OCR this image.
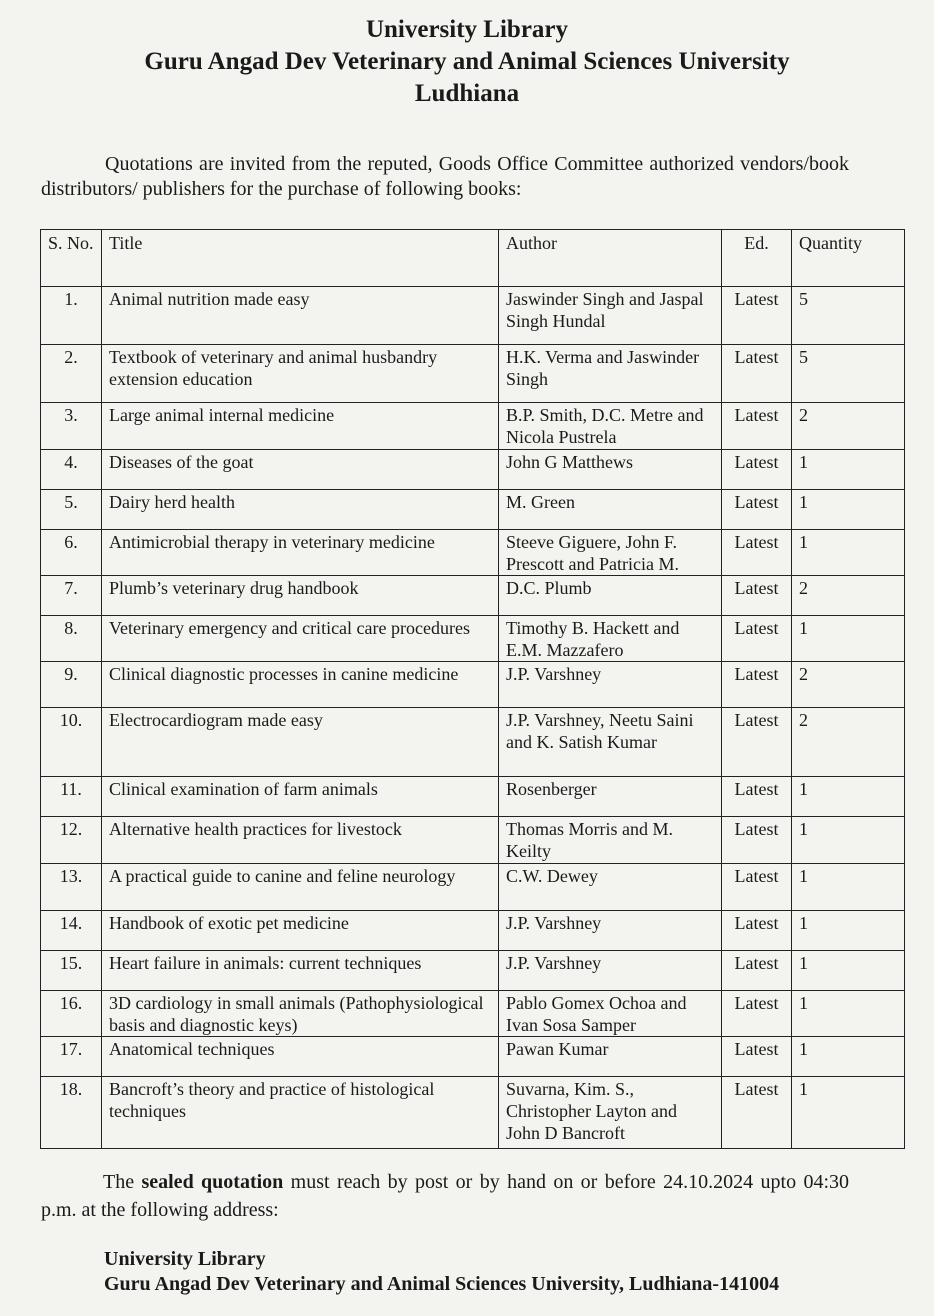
University Library
Guru Angad Dev Veterinary and Animal Sciences University
Ludhiana
Quotations are invited from the reputed, Goods Office Committee authorized vendors/book distributors/ publishers for the purchase of following books:
S. No.	Title	Author	Ed.	Quantity
1.	Animal nutrition made easy	Jaswinder Singh and Jaspal Singh Hundal	Latest	5
2.	Textbook of veterinary and animal husbandry extension education	H.K. Verma and Jaswinder Singh	Latest	5
3.	Large animal internal medicine	B.P. Smith, D.C. Metre and Nicola Pustrela	Latest	2
4.	Diseases of the goat	John G Matthews	Latest	1
5.	Dairy herd health	M. Green	Latest	1
6.	Antimicrobial therapy in veterinary medicine	Steeve Giguere, John F. Prescott and Patricia M.	Latest	1
7.	Plumb’s veterinary drug handbook	D.C. Plumb	Latest	2
8.	Veterinary emergency and critical care procedures	Timothy B. Hackett and E.M. Mazzafero	Latest	1
9.	Clinical diagnostic processes in canine medicine	J.P. Varshney	Latest	2
10.	Electrocardiogram made easy	J.P. Varshney, Neetu Saini and K. Satish Kumar	Latest	2
11.	Clinical examination of farm animals	Rosenberger	Latest	1
12.	Alternative health practices for livestock	Thomas Morris and M. Keilty	Latest	1
13.	A practical guide to canine and feline neurology	C.W. Dewey	Latest	1
14.	Handbook of exotic pet medicine	J.P. Varshney	Latest	1
15.	Heart failure in animals: current techniques	J.P. Varshney	Latest	1
16.	3D cardiology in small animals (Pathophysiological basis and diagnostic keys)	Pablo Gomex Ochoa and Ivan Sosa Samper	Latest	1
17.	Anatomical techniques	Pawan Kumar	Latest	1
18.	Bancroft’s theory and practice of histological techniques	Suvarna, Kim. S., Christopher Layton and John D Bancroft	Latest	1
The sealed quotation must reach by post or by hand on or before 24.10.2024 upto 04:30 p.m. at the following address:
University Library
Guru Angad Dev Veterinary and Animal Sciences University, Ludhiana-141004
